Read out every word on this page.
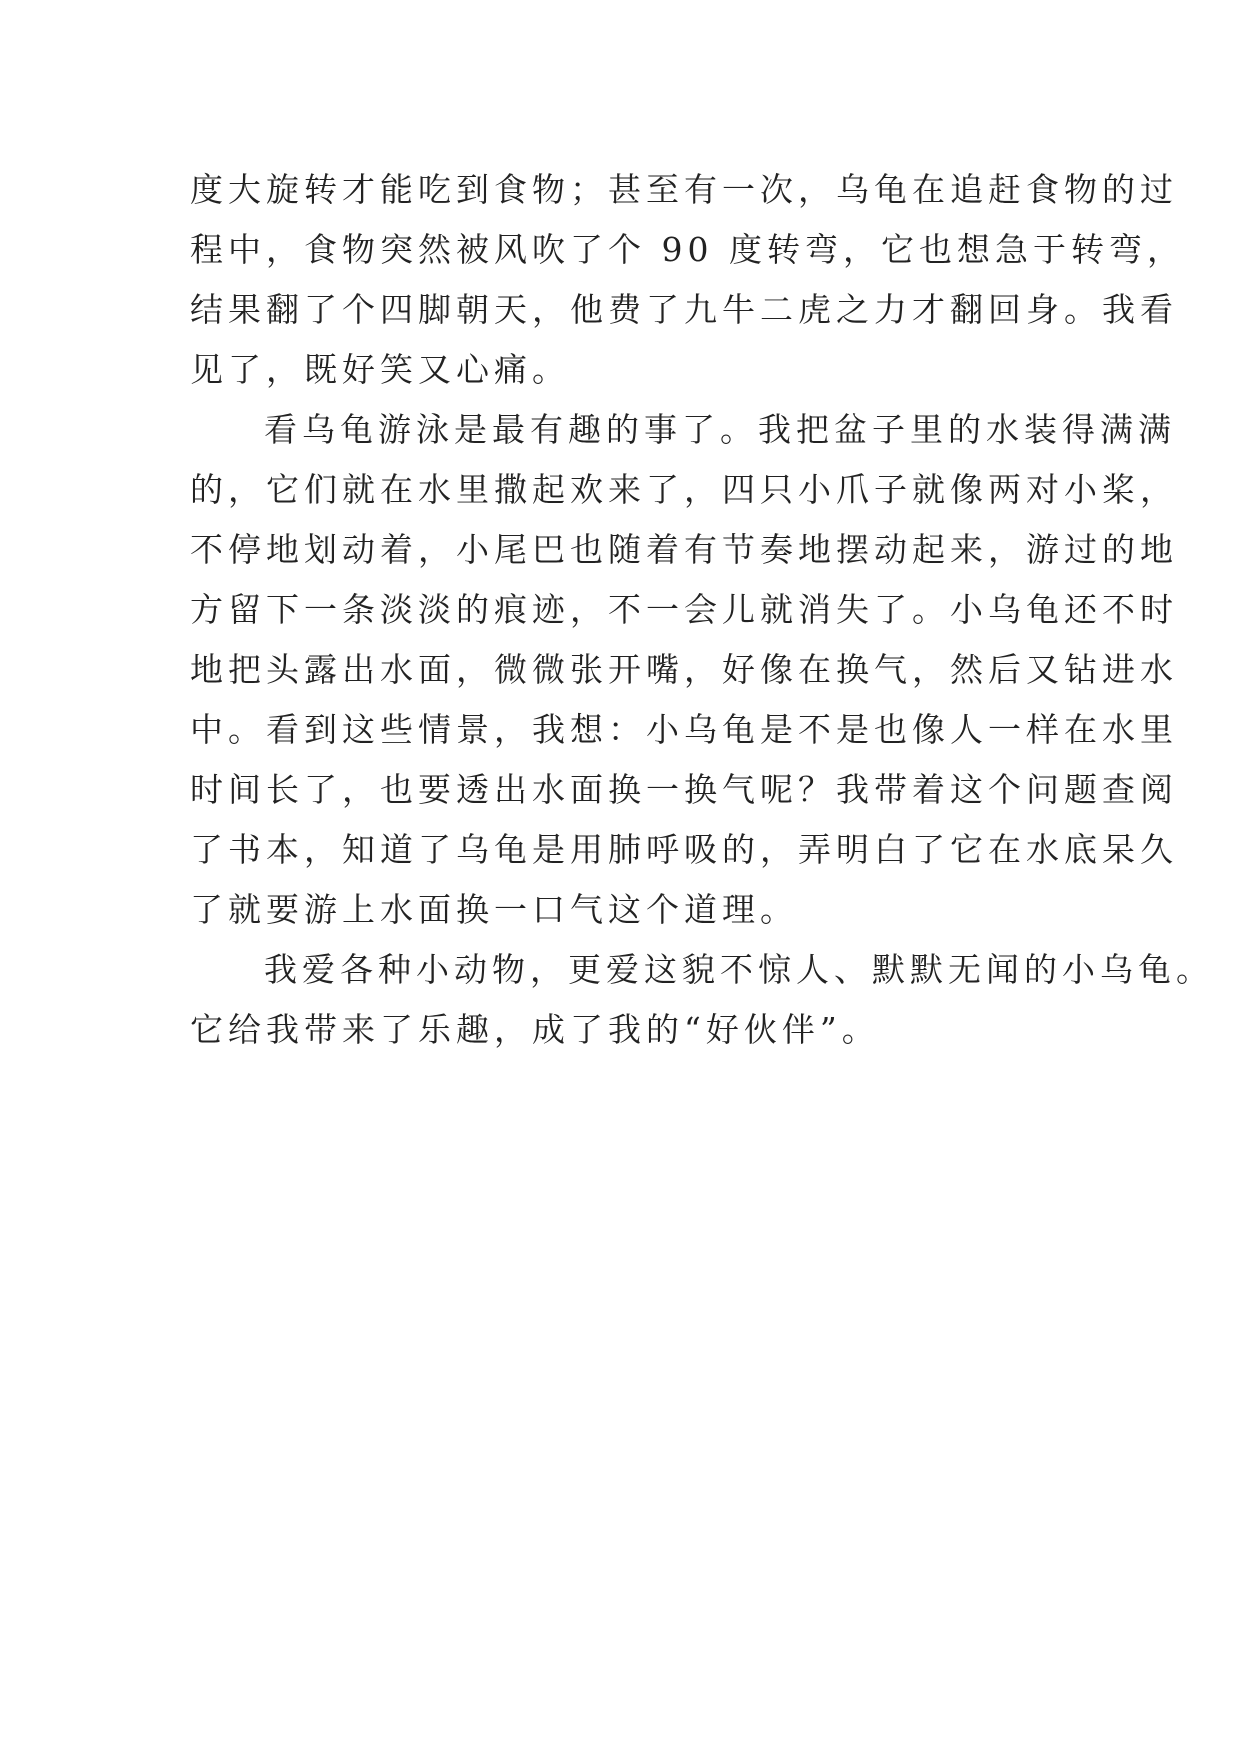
度大旋转才能吃到食物；甚至有一次，乌龟在追赶食物的过
程中，食物突然被风吹了个 90 度转弯，它也想急于转弯，
结果翻了个四脚朝天，他费了九牛二虎之力才翻回身。我看
见了，既好笑又心痛。
看乌龟游泳是最有趣的事了。我把盆子里的水装得满满
的，它们就在水里撒起欢来了，四只小爪子就像两对小桨，
不停地划动着，小尾巴也随着有节奏地摆动起来，游过的地
方留下一条淡淡的痕迹，不一会儿就消失了。小乌龟还不时
地把头露出水面，微微张开嘴，好像在换气，然后又钻进水
中。看到这些情景，我想：小乌龟是不是也像人一样在水里
时间长了，也要透出水面换一换气呢？我带着这个问题查阅
了书本，知道了乌龟是用肺呼吸的，弄明白了它在水底呆久
了就要游上水面换一口气这个道理。
我爱各种小动物，更爱这貌不惊人、默默无闻的小乌龟。
它给我带来了乐趣，成了我的“好伙伴”。
